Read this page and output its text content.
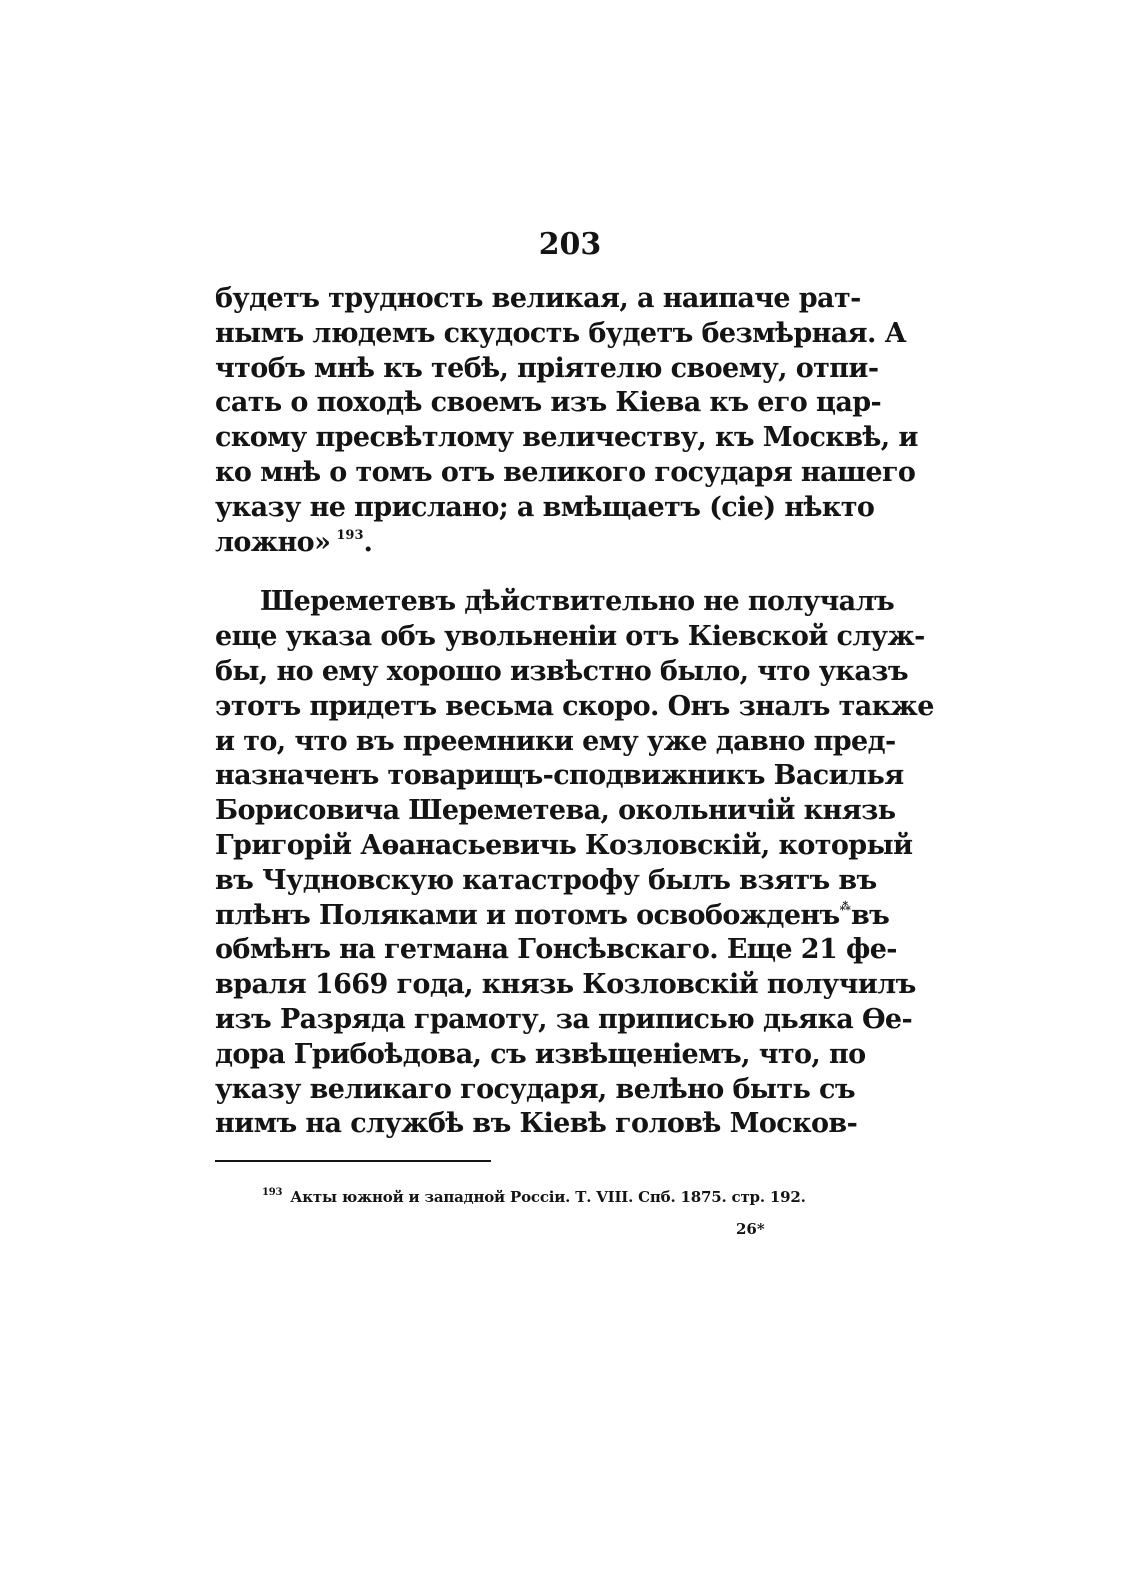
203
будетъ трудность великая, а наипаче рат-
нымъ людемъ скудость будетъ безмѣрная. А
чтобъ мнѣ къ тебѣ, прiятелю своему, отпи-
сать о походѣ своемъ изъ Кiева къ его цар-
скому пресвѣтлому величеству, къ Москвѣ, и
ко мнѣ о томъ отъ великого государя нашего
указу не прислано; а вмѣщаетъ (сiе) нѣкто
ложно» $^{193}$.
Шереметевъ дѣйствительно не получалъ
еще указа объ увольненiи отъ Кiевской служ-
бы, но ему хорошо извѣстно было, что указъ
этотъ придетъ весьма скоро. Онъ зналъ также
и то, что въ преемники ему уже давно пред-
назначенъ товарищъ-сподвижникъ Василья
Борисовича Шереметева, окольничiй князь
Григорiй Аѳанасьевичь Козловскiй, который
въ Чудновскую катастрофу былъ взятъ въ
плѣнъ Поляками и потомъ освобожденъ⁂въ
обмѣнъ на гетмана Гонсѣвскаго. Еще 21 фе-
враля 1669 года, князь Козловскiй получилъ
изъ Разряда грамоту, за приписью дьяка Ѳе-
дора Грибоѣдова, съ извѣщенiемъ, что, по
указу великаго государя, велѣно быть съ
нимъ на службѣ въ Кiевѣ головѣ Москов-
$^{193}$ Акты южной и западной Россiи. Т. VIII. Спб. 1875. стр. 192.
26*
